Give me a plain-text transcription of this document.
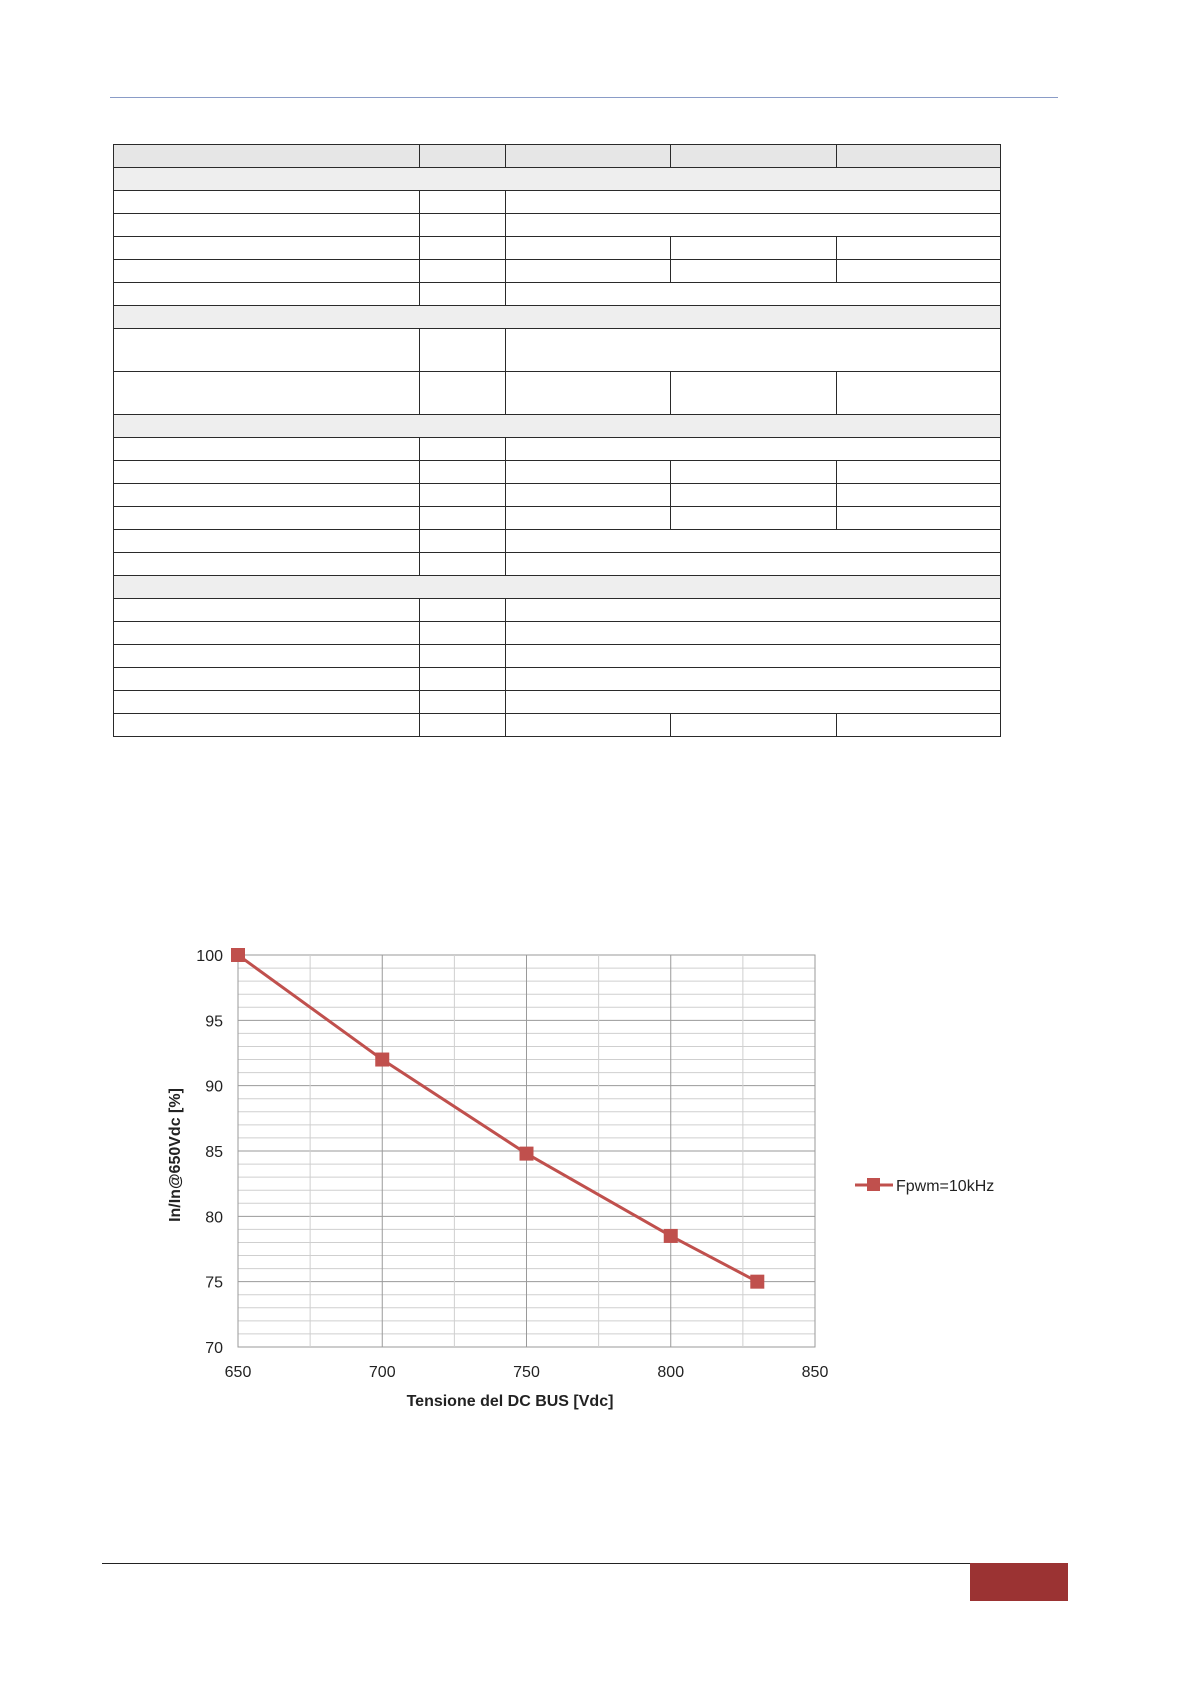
100
95
90
85
80
75
70
650	700	750	800	850
In/In@650Vdc [%]
Tensione del DC BUS [Vdc]
Fpwm=10kHz
